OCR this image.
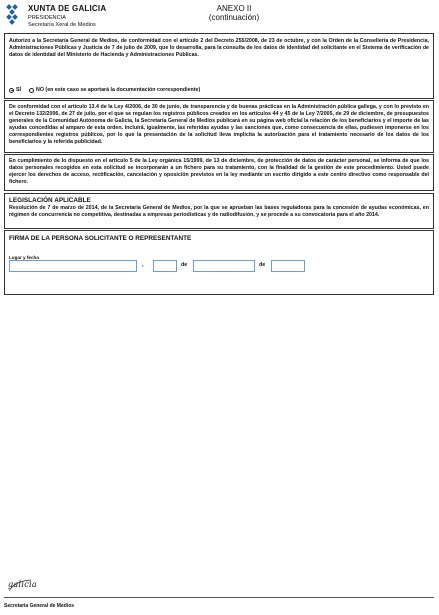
XUNTA DE GALICIA
PRESIDENCIA
Secretaría Xeral de Medios
ANEXO II
(continuación)
Autorizo a la Secretaría General de Medios, de conformidad con el artículo 2 del Decreto 255/2008, de 23 de octubre, y con la Orden de la Consellería de Presidencia, Administraciones Públicas y Justicia de 7 de julio de 2009, que lo desarrolla, para la consulta de los datos de identidad del solicitante en el Sistema de verificación de datos de identidad del Ministerio de Hacienda y Administraciones Públicas.
SÍ	NO (en este caso se aportará la documentación correspondiente)
De conformidad con el artículo 13.4 de la Ley 4/2006, de 30 de junio, de transparencia y de buenas prácticas en la Administración pública gallega, y con lo previsto en el Decreto 132/2006, de 27 de julio, por el que se regulan los registros públicos creados en los artículos 44 y 45 de la Ley 7/2005, de 29 de diciembre, de presupuestos generales de la Comunidad Autónoma de Galicia, la Secretaría General de Medios publicará en su página web oficial la relación de los beneficiarios y el importe de las ayudas concedidas al amparo de esta orden. Incluirá, igualmente, las referidas ayudas y las sanciones que, como consecuencia de ellas, pudiesen imponerse en los correspondientes registros públicos, por lo que la presentación de la solicitud lleva implícita la autorización para el tratamiento necesario de los datos de los beneficiarios y la referida publicidad.
En cumplimiento de lo dispuesto en el artículo 5 de la Ley orgánica 15/1999, de 13 de diciembre, de protección de datos de carácter personal, se informa de que los datos personales recogidos en esta solicitud se incorporarán a un fichero para su tratamiento, con la finalidad de la gestión de este procedimiento. Usted puede ejercer los derechos de acceso, rectificación, cancelación y oposición previstos en la ley mediante un escrito dirigido a este centro directivo como responsable del fichero.
LEGISLACIÓN APLICABLE
Resolución de 7 de marzo de 2014, de la Secretaría General de Medios, por la que se aprueban las bases reguladoras para la concesión de ayudas económicas, en régimen de concurrencia no competitiva, destinadas a empresas periodísticas y de radiodifusión, y se procede a su convocatoria para el año 2014.
FIRMA DE LA PERSONA SOLICITANTE O REPRESENTANTE
Lugar y fecha
,	de	de
galicia
Secretaría General de Medios
